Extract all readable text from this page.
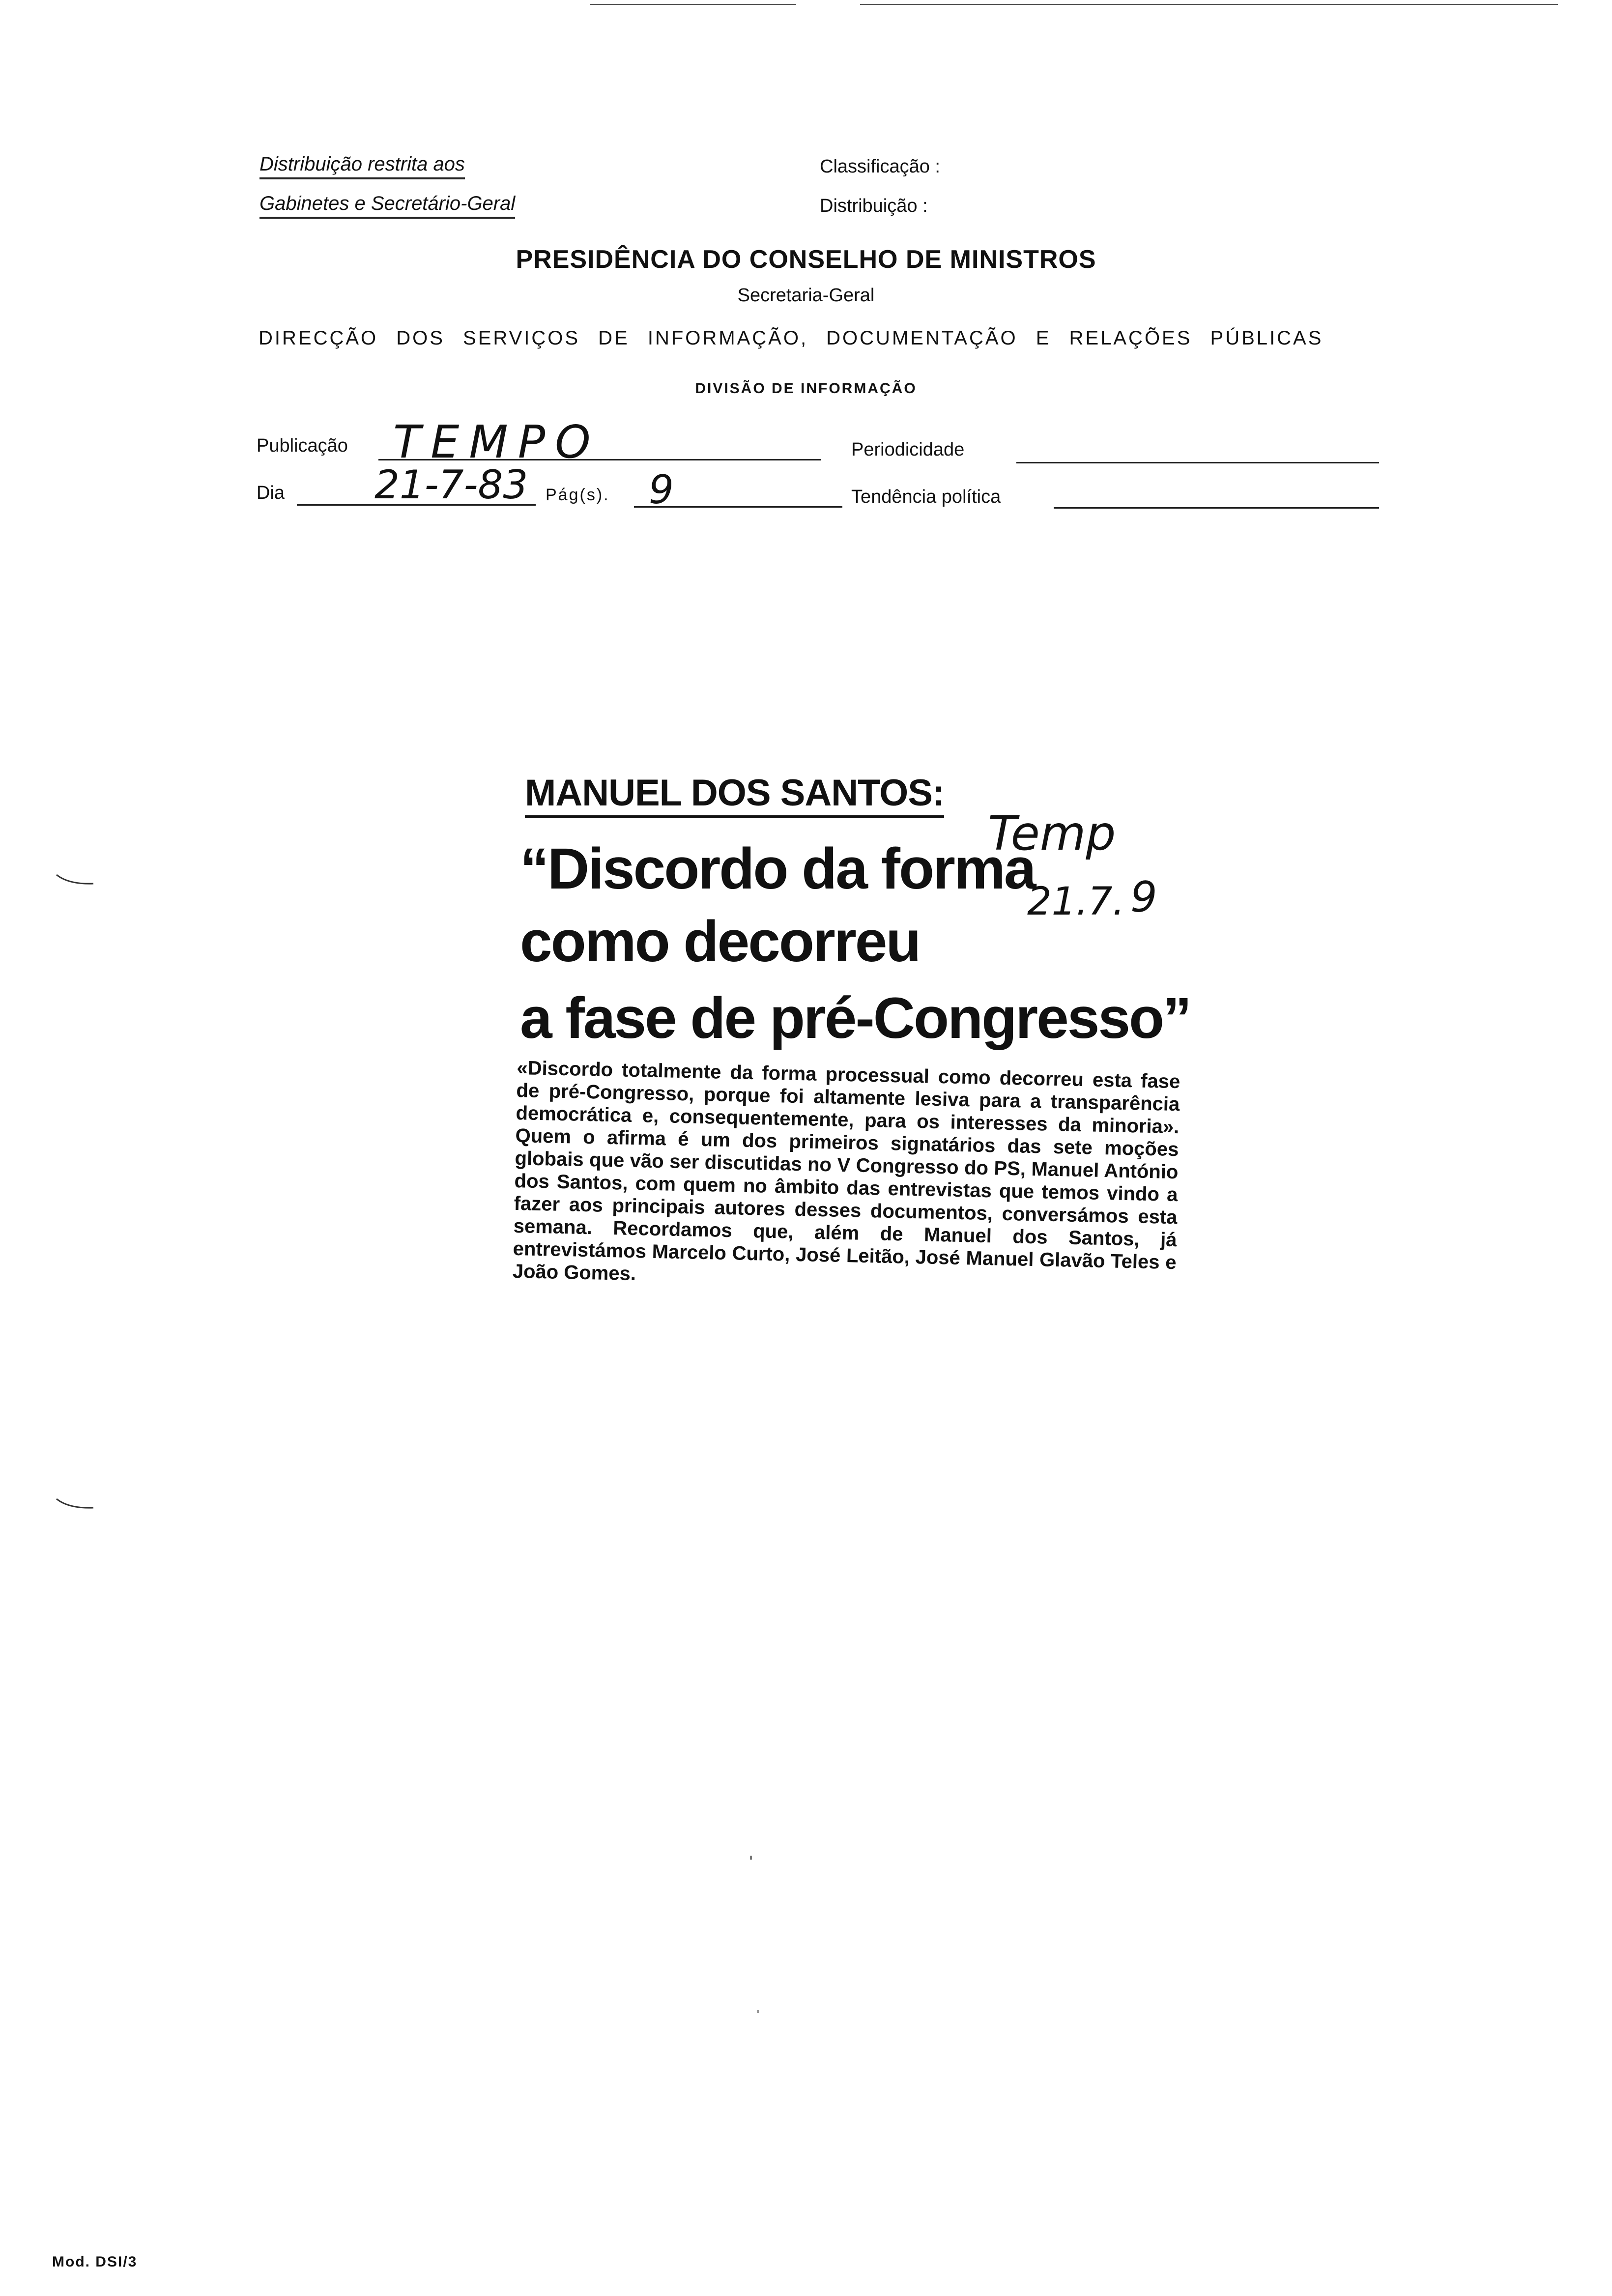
Distribuição restrita aos
Gabinetes e Secretário-Geral
Classificação :
Distribuição :
PRESIDÊNCIA DO CONSELHO DE MINISTROS
Secretaria-Geral
DIRECÇÃO DOS SERVIÇOS DE INFORMAÇÃO, DOCUMENTAÇÃO E RELAÇÕES PÚBLICAS
DIVISÃO DE INFORMAÇÃO
Publicação TEMPO	Periodicidade
Dia 21-7-83 Pág(s). 9	Tendência política
MANUEL DOS SANTOS:
“Discordo da forma
como decorreu
a fase de pré-Congresso”
Temp
21.7. 9
«Discordo totalmente da forma processual como decorreu esta fase de pré-Congresso, porque foi altamente lesiva para a transparência democrática e, consequentemente, para os interesses da minoria». Quem o afirma é um dos primeiros signatários das sete moções globais que vão ser discutidas no V Congresso do PS, Manuel António dos Santos, com quem no âmbito das entrevistas que temos vindo a fazer aos principais autores desses documentos, conversámos esta semana. Recordamos que, além de Manuel dos Santos, já entrevistámos Marcelo Curto, José Leitão, José Manuel Glavão Teles e João Gomes.
Mod. DSI/3
